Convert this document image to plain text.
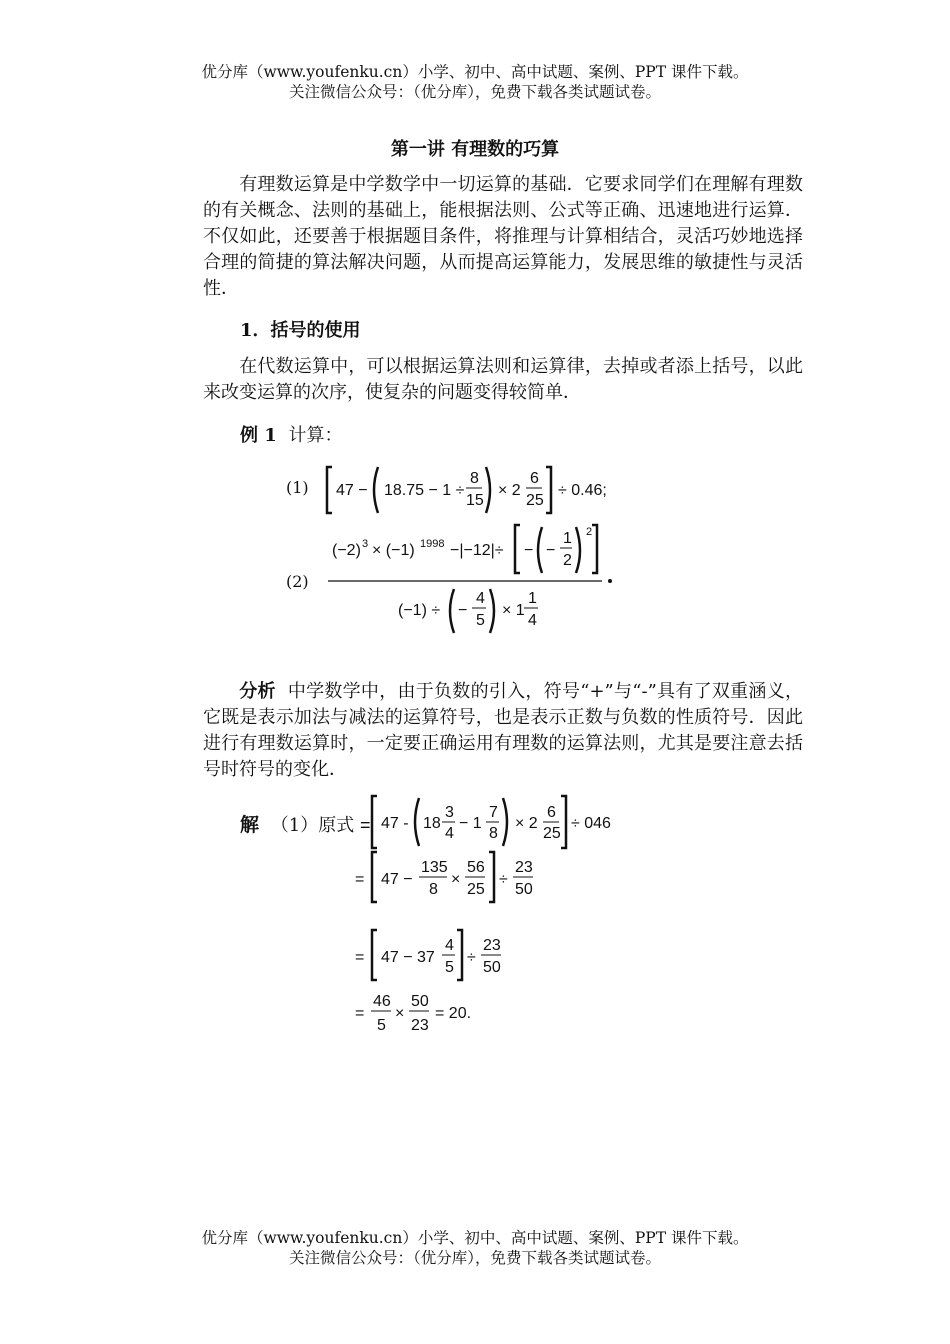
优分库（www.youfenku.cn）小学、初中、高中试题、案例、PPT 课件下载。
关注微信公众号：（优分库），免费下载各类试题试卷。
第一讲 有理数的巧算
有理数运算是中学数学中一切运算的基础．它要求同学们在理解有理数的有关概念、法则的基础上，能根据法则、公式等正确、迅速地进行运算．不仅如此，还要善于根据题目条件，将推理与计算相结合，灵活巧妙地选择合理的简捷的算法解决问题，从而提高运算能力，发展思维的敏捷性与灵活性．
1．括号的使用
在代数运算中，可以根据运算法则和运算律，去掉或者添上括号，以此来改变运算的次序，使复杂的问题变得较简单．
例 1 计算：
(1) 47 − 18.75 − 1 ÷
8
15
× 2
6
25
÷ 0.46;
(2)
(−2) 3 × (−1) 1998 −|−12|÷ − −
1
2
2
(−1) ÷ −
4
5
× 1
1
4
分析 中学数学中，由于负数的引入，符号“+”与“-”具有了双重涵义，它既是表示加法与减法的运算符号，也是表示正数与负数的性质符号．因此进行有理数运算时，一定要正确运用有理数的运算法则，尤其是要注意去括号时符号的变化．
解 （1）原式 = 47 - 18
3
4
− 1
7
8
× 2
6
25
÷ 046
= 47 −
135
8
×
56
25
÷
23
50
= 47 − 37
4
5
÷
23
50
=
46
5
×
50
23
= 20.
优分库（www.youfenku.cn）小学、初中、高中试题、案例、PPT 课件下载。
关注微信公众号：（优分库），免费下载各类试题试卷。
